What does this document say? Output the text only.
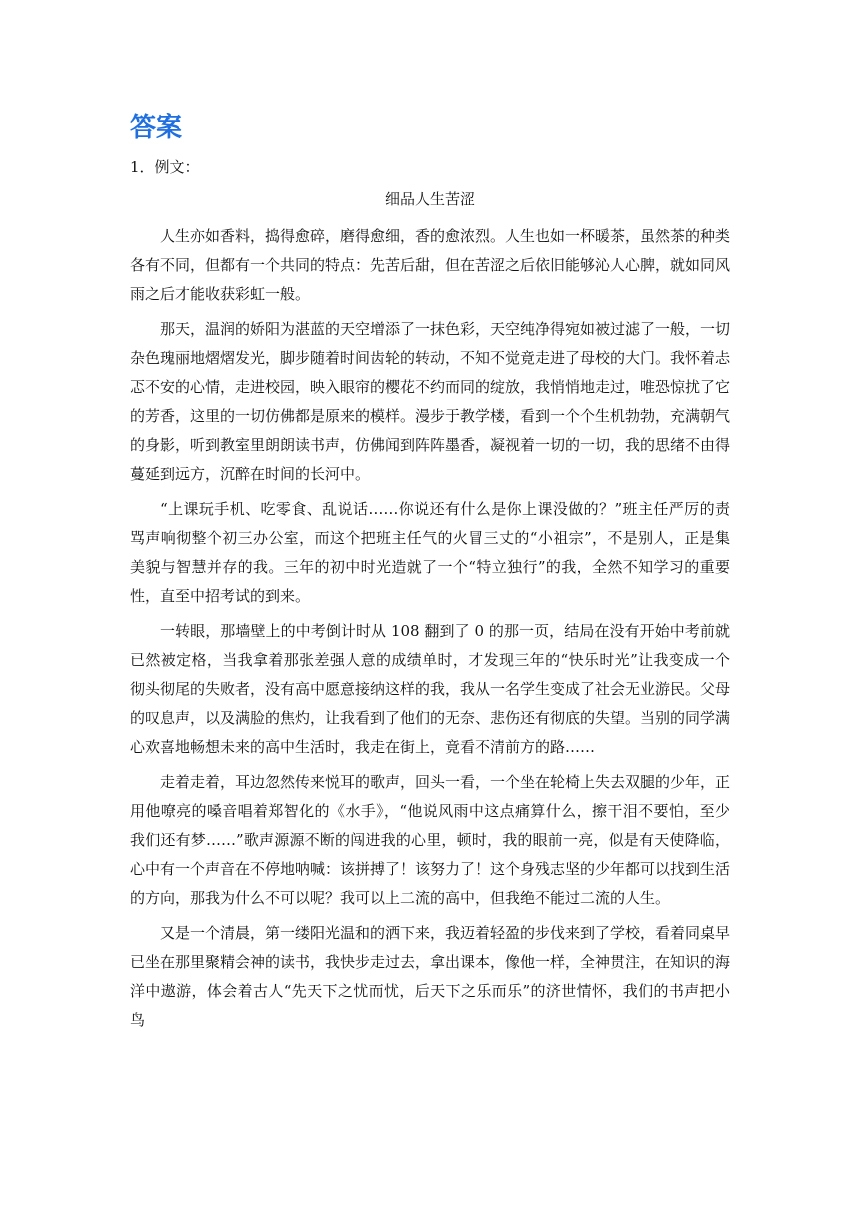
答案

1．例文：

细品人生苦涩

人生亦如香料，捣得愈碎，磨得愈细，香的愈浓烈。人生也如一杯暖茶，虽然茶的种类各有不同，但都有一个共同的特点：先苦后甜，但在苦涩之后依旧能够沁人心脾，就如同风雨之后才能收获彩虹一般。

那天，温润的娇阳为湛蓝的天空增添了一抹色彩，天空纯净得宛如被过滤了一般，一切杂色瑰丽地熠熠发光，脚步随着时间齿轮的转动，不知不觉竟走进了母校的大门。我怀着忐忑不安的心情，走进校园，映入眼帘的樱花不约而同的绽放，我悄悄地走过，唯恐惊扰了它的芳香，这里的一切仿佛都是原来的模样。漫步于教学楼，看到一个个生机勃勃，充满朝气的身影，听到教室里朗朗读书声，仿佛闻到阵阵墨香，凝视着一切的一切，我的思绪不由得蔓延到远方，沉醉在时间的长河中。

“上课玩手机、吃零食、乱说话……你说还有什么是你上课没做的？”班主任严厉的责骂声响彻整个初三办公室，而这个把班主任气的火冒三丈的“小祖宗”，不是别人，正是集美貌与智慧并存的我。三年的初中时光造就了一个“特立独行”的我，全然不知学习的重要性，直至中招考试的到来。

一转眼，那墙壁上的中考倒计时从 108 翻到了 0 的那一页，结局在没有开始中考前就已然被定格，当我拿着那张差强人意的成绩单时，才发现三年的“快乐时光”让我变成一个彻头彻尾的失败者，没有高中愿意接纳这样的我，我从一名学生变成了社会无业游民。父母的叹息声，以及满脸的焦灼，让我看到了他们的无奈、悲伤还有彻底的失望。当别的同学满心欢喜地畅想未来的高中生活时，我走在街上，竟看不清前方的路……

走着走着，耳边忽然传来悦耳的歌声，回头一看，一个坐在轮椅上失去双腿的少年，正用他嘹亮的嗓音唱着郑智化的《水手》，“他说风雨中这点痛算什么，擦干泪不要怕，至少我们还有梦……”歌声源源不断的闯进我的心里，顿时，我的眼前一亮，似是有天使降临，心中有一个声音在不停地呐喊：该拼搏了！该努力了！这个身残志坚的少年都可以找到生活的方向，那我为什么不可以呢？我可以上二流的高中，但我绝不能过二流的人生。

又是一个清晨，第一缕阳光温和的洒下来，我迈着轻盈的步伐来到了学校，看着同桌早已坐在那里聚精会神的读书，我快步走过去，拿出课本，像他一样，全神贯注，在知识的海洋中遨游，体会着古人“先天下之忧而忧，后天下之乐而乐”的济世情怀，我们的书声把小鸟
